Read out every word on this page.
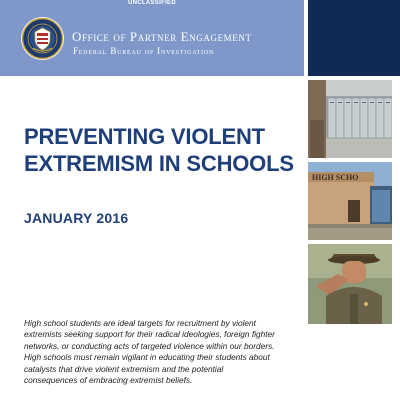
UNCLASSIFIED
Office of Partner Engagement
Federal Bureau of Investigation
HIGH SCHO
PREVENTING VIOLENT
EXTREMISM IN SCHOOLS
JANUARY 2016
High school students are ideal targets for recruitment by violent
extremists seeking support for their radical ideologies, foreign fighter
networks, or conducting acts of targeted violence within our borders.
High schools must remain vigilant in educating their students about
catalysts that drive violent extremism and the potential
consequences of embracing extremist beliefs.
